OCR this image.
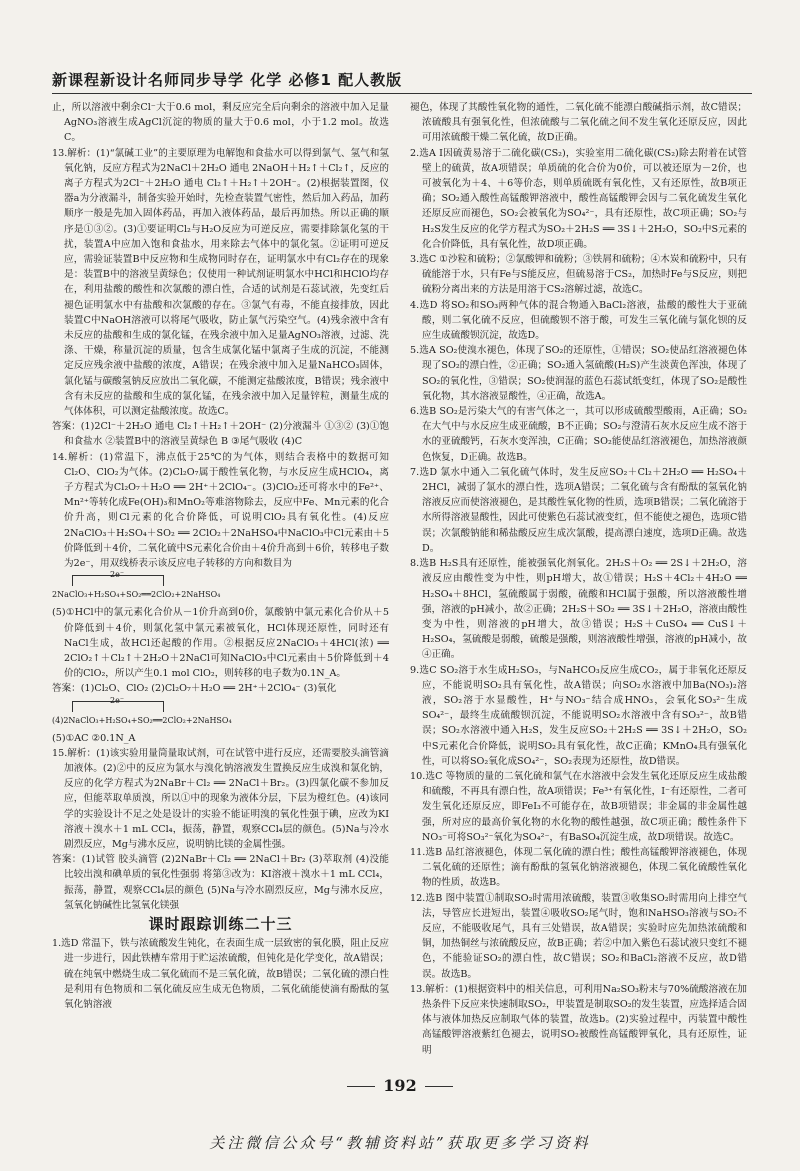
新课程新设计名师同步导学 化学 必修1 配人教版

止，所以溶液中剩余Cl⁻大于0.6 mol，剩反应完全后向剩余的溶液中加入足量AgNO₃溶液生成AgCl沉淀的物质的量大于0.6 mol，小于1.2 mol。故选C。

13.解析：(1)“氯碱工业”的主要原理为电解饱和食盐水可以得到氯气、氢气和氢氧化钠，反应方程式为2NaCl＋2H₂O 通电 2NaOH＋H₂↑＋Cl₂↑，反应的离子方程式为2Cl⁻＋2H₂O 通电 Cl₂↑＋H₂↑＋2OH⁻。(2)根据装置图，仪器a为分液漏斗，制备实验开始时，先检查装置气密性，然后加入药品，加药顺序一般是先加入固体药品，再加入液体药品，最后再加热。所以正确的顺序是①③②。(3)①要证明Cl₂与H₂O反应为可逆反应，需要排除氯化氢的干扰，装置A中应加入饱和食盐水，用来除去气体中的氯化氢。②证明可逆反应，需验证装置B中反应物和生成物同时存在，证明氯水中有Cl₂存在的现象是：装置B中的溶液呈黄绿色；仅使用一种试剂证明氯水中HCl和HClO均存在，利用盐酸的酸性和次氯酸的漂白性，合适的试剂是石蕊试液，先变红后褪色证明氯水中有盐酸和次氯酸的存在。③氯气有毒，不能直接排放，因此装置C中NaOH溶液可以将尾气吸收，防止氯气污染空气。(4)残余液中含有未反应的盐酸和生成的氯化锰，在残余液中加入足量AgNO₃溶液，过滤、洗涤、干燥，称量沉淀的质量，包含生成氯化锰中氯离子生成的沉淀，不能测定反应残余液中盐酸的浓度，A错误；在残余液中加入足量NaHCO₃固体，氯化锰与碳酸氢钠反应放出二氧化碳，不能测定盐酸浓度，B错误；残余液中含有未反应的盐酸和生成的氯化锰，在残余液中加入足量锌粒，测量生成的气体体积，可以测定盐酸浓度。故选C。

答案：(1)2Cl⁻＋2H₂O 通电 Cl₂↑＋H₂↑＋2OH⁻ (2)分液漏斗 ①③② (3)①饱和食盐水 ②装置B中的溶液呈黄绿色 B ③尾气吸收 (4)C

14.解析：(1)常温下，沸点低于25℃的为气体，则结合表格中的数据可知Cl₂O、ClO₂为气体。(2)Cl₂O₇属于酸性氧化物，与水反应生成HClO₄，离子方程式为Cl₂O₇＋H₂O ══ 2H⁺＋2ClO₄⁻。(3)ClO₂还可将水中的Fe²⁺、Mn²⁺等转化成Fe(OH)₃和MnO₂等难溶物除去，反应中Fe、Mn元素的化合价升高，则Cl元素的化合价降低，可说明ClO₂具有氧化性。(4)反应2NaClO₃＋H₂SO₄＋SO₂ ══ 2ClO₂＋2NaHSO₄中NaClO₃中Cl元素由＋5价降低到＋4价，二氧化硫中S元素化合价由＋4价升高到＋6价，转移电子数为2e⁻，用双线桥表示该反应电子转移的方向和数目为

2e⁻
2NaClO₃+H₂SO₄+SO₂══2ClO₂+2NaHSO₄

(5)①HCl中的氯元素化合价从－1价升高到0价，氯酸钠中氯元素化合价从＋5价降低到＋4价，则氯化氢中氯元素被氧化，HCl体现还原性，同时还有NaCl生成，故HCl还起酸的作用。②根据反应2NaClO₃＋4HCl(浓) ══ 2ClO₂↑＋Cl₂↑＋2H₂O＋2NaCl可知NaClO₃中Cl元素由＋5价降低到＋4价的ClO₂，所以产生0.1 mol ClO₂，则转移的电子数为0.1N_A。

答案：(1)Cl₂O、ClO₂ (2)Cl₂O₇＋H₂O ══ 2H⁺＋2ClO₄⁻ (3)氧化

2e⁻
(4)2NaClO₃+H₂SO₄+SO₂══2ClO₂+2NaHSO₄

(5)①AC ②0.1N_A

15.解析：(1)该实验用量筒量取试剂，可在试管中进行反应，还需要胶头滴管滴加液体。(2)②中的反应为氯水与溴化钠溶液发生置换反应生成溴和氯化钠，反应的化学方程式为2NaBr＋Cl₂ ══ 2NaCl＋Br₂。(3)四氯化碳不参加反应，但能萃取单质溴，所以①中的现象为液体分层，下层为橙红色。(4)该同学的实验设计不足之处是设计的实验不能证明溴的氧化性强于碘，应改为KI溶液＋溴水＋1 mL CCl₄，振荡，静置，观察CCl₄层的颜色。(5)Na与冷水剧烈反应，Mg与沸水反应，说明钠比镁的金属性强。

答案：(1)试管 胶头滴管 (2)2NaBr＋Cl₂ ══ 2NaCl＋Br₂ (3)萃取剂 (4)没能比较出溴和碘单质的氧化性强弱 将第③改为：KI溶液＋溴水＋1 mL CCl₄，振荡，静置，观察CCl₄层的颜色 (5)Na与冷水剧烈反应，Mg与沸水反应，氢氧化钠碱性比氢氧化镁强

课时跟踪训练二十三

1.选D 常温下，铁与浓硫酸发生钝化，在表面生成一层致密的氧化膜，阻止反应进一步进行，因此铁槽车常用于贮运浓硫酸，但钝化是化学变化，故A错误；硫在纯氧中燃烧生成二氧化硫而不是三氧化硫，故B错误；二氧化硫的漂白性是利用有色物质和二氧化硫反应生成无色物质，二氧化硫能使滴有酚酞的氢氧化钠溶液

褪色，体现了其酸性氧化物的通性，二氧化硫不能漂白酸碱指示剂，故C错误；浓硫酸具有强氧化性，但浓硫酸与二氧化硫之间不发生氧化还原反应，因此可用浓硫酸干燥二氧化硫，故D正确。

2.选A Ⅰ因硫黄易溶于二硫化碳(CS₂)，实验室用二硫化碳(CS₂)除去附着在试管壁上的硫黄，故A项错误；单质硫的化合价为0价，可以被还原为－2价，也可被氧化为＋4、＋6等价态，则单质硫既有氧化性，又有还原性，故B项正确；SO₂通入酸性高锰酸钾溶液中，酸性高锰酸钾会因与二氧化硫发生氧化还原反应而褪色，SO₂会被氧化为SO₄²⁻，具有还原性，故C项正确；SO₂与H₂S发生反应的化学方程式为SO₂＋2H₂S ══ 3S↓＋2H₂O，SO₂中S元素的化合价降低，具有氧化性，故D项正确。

3.选C ①沙粒和硫粉；②氯酸钾和硫粉；③铁屑和硫粉；④木炭和硫粉中，只有硫能溶于水，只有Fe与S能反应，但硫易溶于CS₂，加热时Fe与S反应，则把硫粉分离出来的方法是用溶于CS₂溶解过滤，故选C。

4.选D 将SO₂和SO₃两种气体的混合物通入BaCl₂溶液，盐酸的酸性大于亚硫酸，则二氧化硫不反应，但硫酸钡不溶于酸，可发生三氧化硫与氯化钡的反应生成硫酸钡沉淀，故选D。

5.选A SO₂使溴水褪色，体现了SO₂的还原性，①错误；SO₂使品红溶液褪色体现了SO₂的漂白性，②正确；SO₂通入氢硫酸(H₂S)产生淡黄色浑浊，体现了SO₂的氧化性，③错误；SO₂使润湿的蓝色石蕊试纸变红，体现了SO₂是酸性氧化物，其水溶液显酸性，④正确，故选A。

6.选B SO₂是污染大气的有害气体之一，其可以形成硫酸型酸雨，A正确；SO₂在大气中与水反应生成亚硫酸，B不正确；SO₂与澄清石灰水反应生成不溶于水的亚硫酸钙，石灰水变浑浊，C正确；SO₂能使品红溶液褪色，加热溶液颜色恢复，D正确。故选B。

7.选D 氯水中通入二氧化硫气体时，发生反应SO₂＋Cl₂＋2H₂O ══ H₂SO₄＋2HCl，减弱了氯水的漂白性，选项A错误；二氧化硫与含有酚酞的氢氧化钠溶液反应而使溶液褪色，是其酸性氧化物的性质，选项B错误；二氧化硫溶于水所得溶液显酸性，因此可使紫色石蕊试液变红，但不能使之褪色，选项C错误；次氯酸钠能和稀盐酸反应生成次氯酸，提高漂白速度，选项D正确。故选D。

8.选B H₂S具有还原性，能被强氧化剂氧化。2H₂S＋O₂ ══ 2S↓＋2H₂O，溶液反应由酸性变为中性，则pH增大，故①错误；H₂S＋4Cl₂＋4H₂O ══ H₂SO₄＋8HCl，氢硫酸属于弱酸，硫酸和HCl属于强酸，所以溶液酸性增强，溶液的pH减小，故②正确；2H₂S＋SO₂ ══ 3S↓＋2H₂O，溶液由酸性变为中性，则溶液的pH增大，故③错误；H₂S＋CuSO₄ ══ CuS↓＋H₂SO₄，氢硫酸是弱酸，硫酸是强酸，则溶液酸性增强，溶液的pH减小，故④正确。

9.选C SO₂溶于水生成H₂SO₃，与NaHCO₃反应生成CO₂，属于非氧化还原反应，不能说明SO₂具有氧化性，故A错误；向SO₂水溶液中加Ba(NO₃)₂溶液，SO₂溶于水显酸性，H⁺与NO₃⁻结合成HNO₃，会氧化SO₃²⁻生成SO₄²⁻，最终生成硫酸钡沉淀，不能说明SO₂水溶液中含有SO₃²⁻，故B错误；SO₂水溶液中通入H₂S，发生反应SO₂＋2H₂S ══ 3S↓＋2H₂O，SO₂中S元素化合价降低，说明SO₂具有氧化性，故C正确；KMnO₄具有强氧化性，可以将SO₂氧化成SO₄²⁻，SO₂表现为还原性，故D错误。

10.选C 等物质的量的二氧化硫和氯气在水溶液中会发生氧化还原反应生成盐酸和硫酸，不再具有漂白性，故A项错误；Fe³⁺有氧化性，I⁻有还原性，二者可发生氧化还原反应，即FeI₃不可能存在，故B项错误；非金属的非金属性越强，所对应的最高价氧化物的水化物的酸性越强，故C项正确；酸性条件下NO₃⁻可将SO₃²⁻氧化为SO₄²⁻，有BaSO₄沉淀生成，故D项错误。故选C。

11.选B 品红溶液褪色，体现二氧化硫的漂白性；酸性高锰酸钾溶液褪色，体现二氧化硫的还原性；滴有酚酞的氢氧化钠溶液褪色，体现二氧化硫酸性氧化物的性质，故选B。

12.选B 图中装置①制取SO₂时需用浓硫酸，装置③收集SO₂时需用向上排空气法，导管应长进短出，装置④吸收SO₂尾气时，饱和NaHSO₃溶液与SO₂不反应，不能吸收尾气，具有三处错误，故A错误；实验时应先加热浓硫酸和铜，加热铜丝与浓硫酸反应，故B正确；若②中加入紫色石蕊试液只变红不褪色，不能验证SO₂的漂白性，故C错误；SO₂和BaCl₂溶液不反应，故D错误。故选B。

13.解析：(1)根据资料中的相关信息，可利用Na₂SO₃粉末与70%硫酸溶液在加热条件下反应来快速制取SO₂，甲装置是制取SO₂的发生装置，应选择适合固体与液体加热反应制取气体的装置，故选b。(2)实验过程中，丙装置中酸性高锰酸钾溶液紫红色褪去，说明SO₂被酸性高锰酸钾氧化，具有还原性，证明

192
关注微信公众号“教辅资料站”获取更多学习资料
